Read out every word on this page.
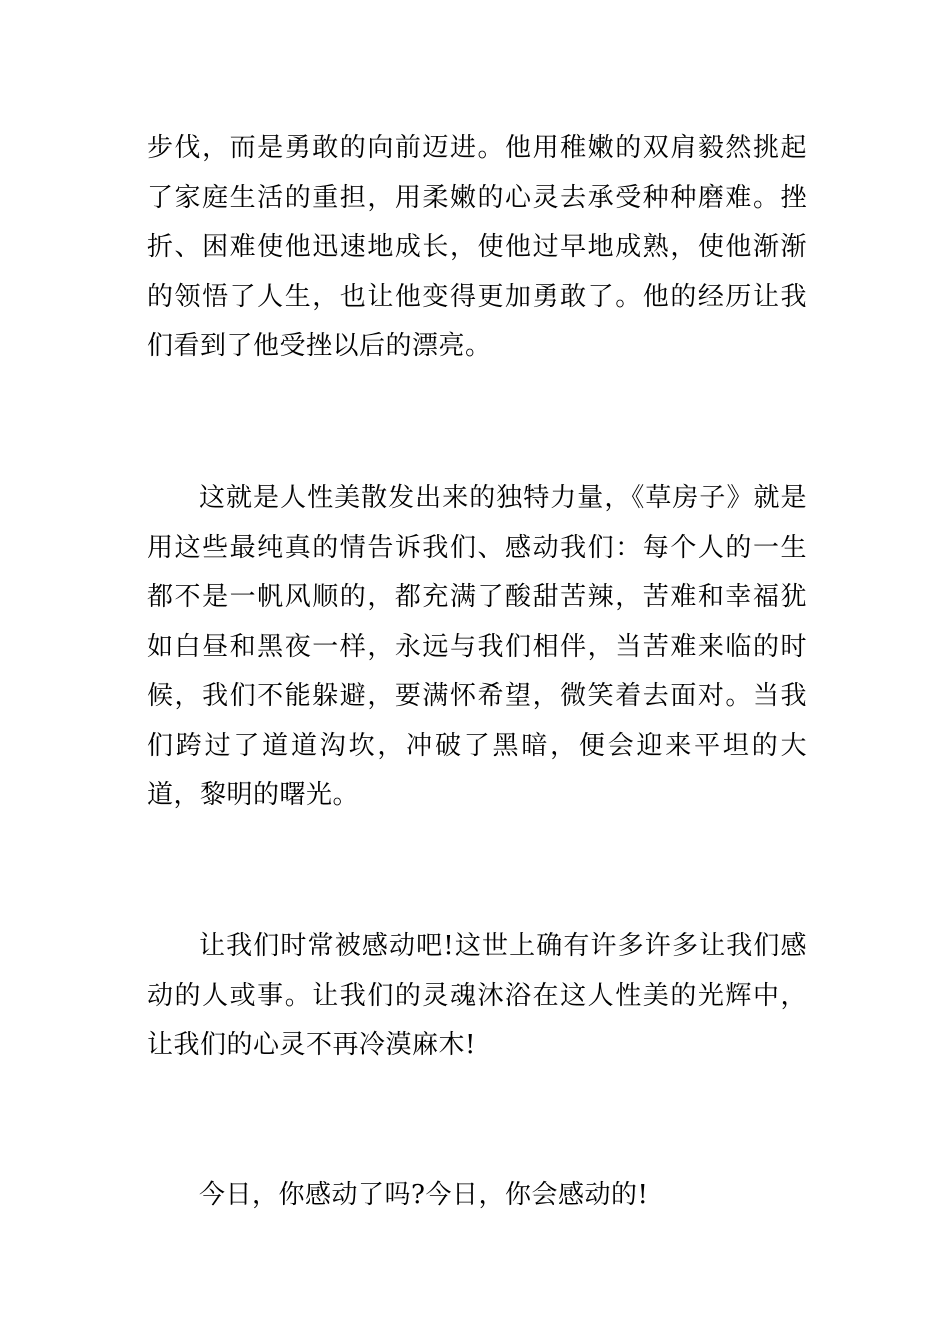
步伐，而是勇敢的向前迈进。他用稚嫩的双肩毅然挑起了家庭生活的重担，用柔嫩的心灵去承受种种磨难。挫折、困难使他迅速地成长，使他过早地成熟，使他渐渐的领悟了人生，也让他变得更加勇敢了。他的经历让我们看到了他受挫以后的漂亮。

这就是人性美散发出来的独特力量，《草房子》就是用这些最纯真的情告诉我们、感动我们：每个人的一生都不是一帆风顺的，都充满了酸甜苦辣，苦难和幸福犹如白昼和黑夜一样，永远与我们相伴，当苦难来临的时候，我们不能躲避，要满怀希望，微笑着去面对。当我们跨过了道道沟坎，冲破了黑暗，便会迎来平坦的大道，黎明的曙光。

让我们时常被感动吧!这世上确有许多许多让我们感动的人或事。让我们的灵魂沐浴在这人性美的光辉中，让我们的心灵不再冷漠麻木!

今日，你感动了吗?今日，你会感动的!
